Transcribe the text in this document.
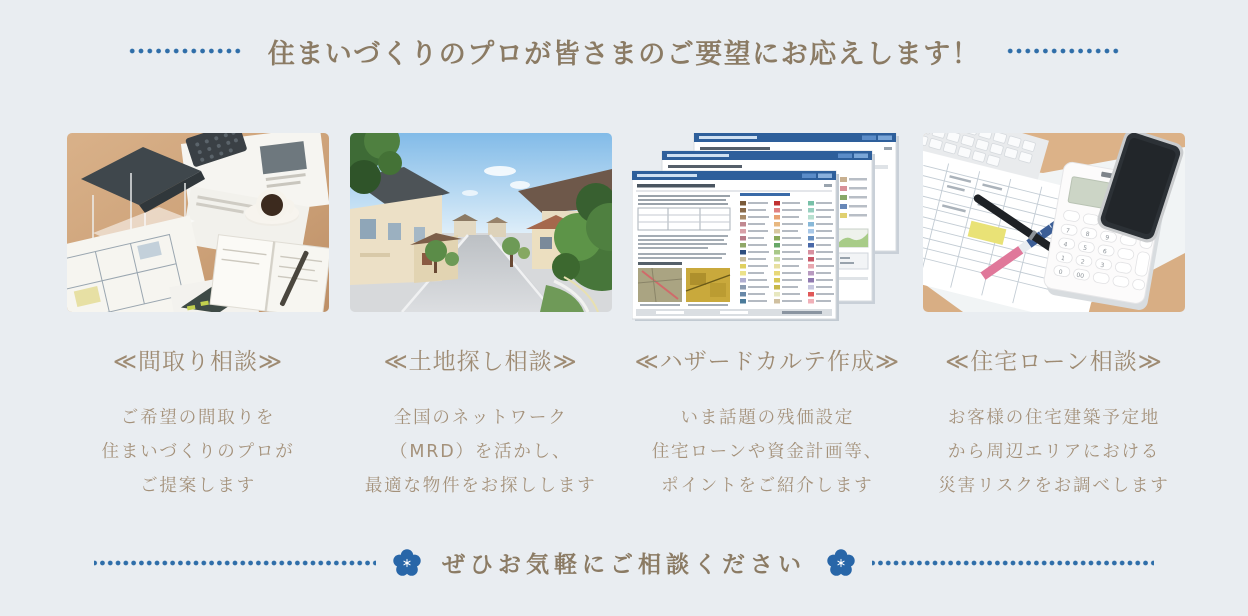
住まいづくりのプロが皆さまのご要望にお応えします！
≪間取り相談≫

ご希望の間取りを
住まいづくりのプロが
ご提案します

≪土地探し相談≫

全国のネットワーク
（MRD）を活かし、
最適な物件をお探しします

≪ハザードカルテ作成≫

いま話題の残価設定
住宅ローンや資金計画等、
ポイントをご紹介します

7 8 9
4 5 6
1 2 3
0 00
≪住宅ローン相談≫

お客様の住宅建築予定地
から周辺エリアにおける
災害リスクをお調べします

ぜひお気軽にご相談ください
